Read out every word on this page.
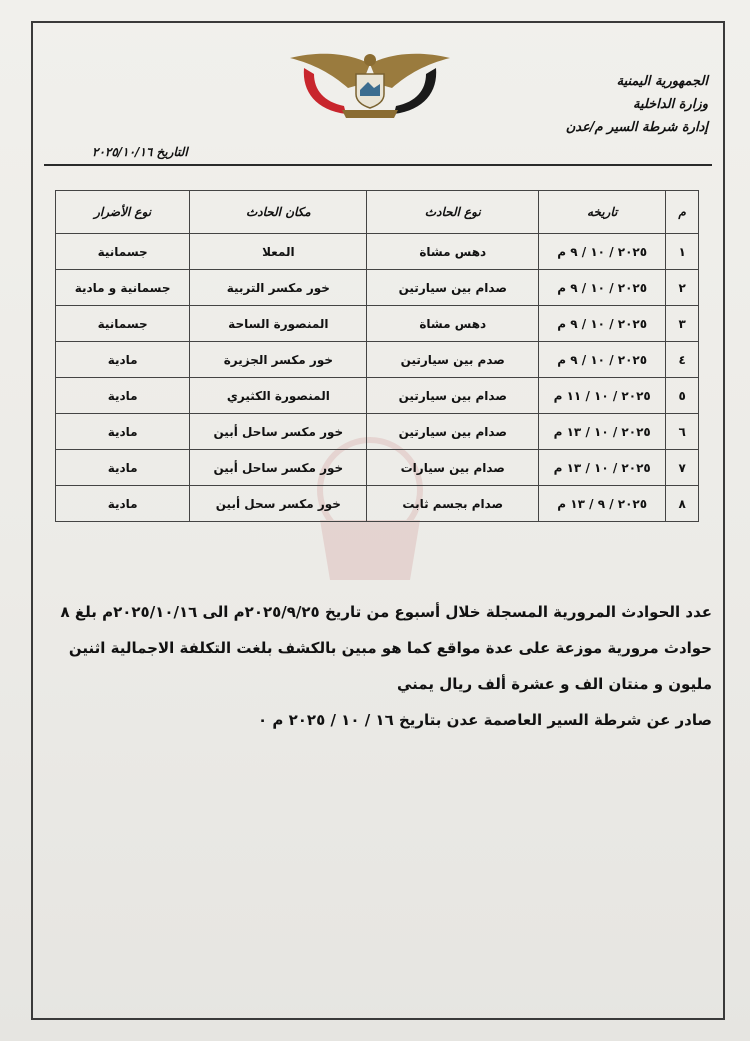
الجمهورية اليمنية
وزارة الداخلية
إدارة شرطة السير م/عدن
التاريخ ٢٠٢٥/١٠/١٦
م	تاريخه	نوع الحادث	مكان الحادث	نوع الأضرار
١	٢٠٢٥ / ١٠ / ٩ م	دهس مشاة	المعلا	جسمانية
٢	٢٠٢٥ / ١٠ / ٩ م	صدام بين سيارتين	خور مكسر التربية	جسمانية و مادية
٣	٢٠٢٥ / ١٠ / ٩ م	دهس مشاة	المنصورة الساحة	جسمانية
٤	٢٠٢٥ / ١٠ / ٩ م	صدم بين سيارتين	خور مكسر الجزيرة	مادية
٥	٢٠٢٥ / ١٠ / ١١ م	صدام بين سيارتين	المنصورة الكثيري	مادية
٦	٢٠٢٥ / ١٠ / ١٣ م	صدام بين سيارتين	خور مكسر ساحل أبين	مادية
٧	٢٠٢٥ / ١٠ / ١٣ م	صدام بين سيارات	خور مكسر ساحل أبين	مادية
٨	٢٠٢٥ / ٩ / ١٣ م	صدام بجسم ثابت	خور مكسر سحل أبين	مادية
عدد الحوادث المرورية المسجلة خلال أسبوع من تاريخ ٢٠٢٥/٩/٢٥م الى ٢٠٢٥/١٠/١٦م بلغ ٨
حوادث مرورية موزعة على عدة مواقع كما هو مبين بالكشف بلغت التكلفة الاجمالية اثنين
مليون و منتان الف و عشرة ألف ريال يمني
صادر عن شرطة السير العاصمة عدن بتاريخ ١٦ / ١٠ / ٢٠٢٥ م ٠
